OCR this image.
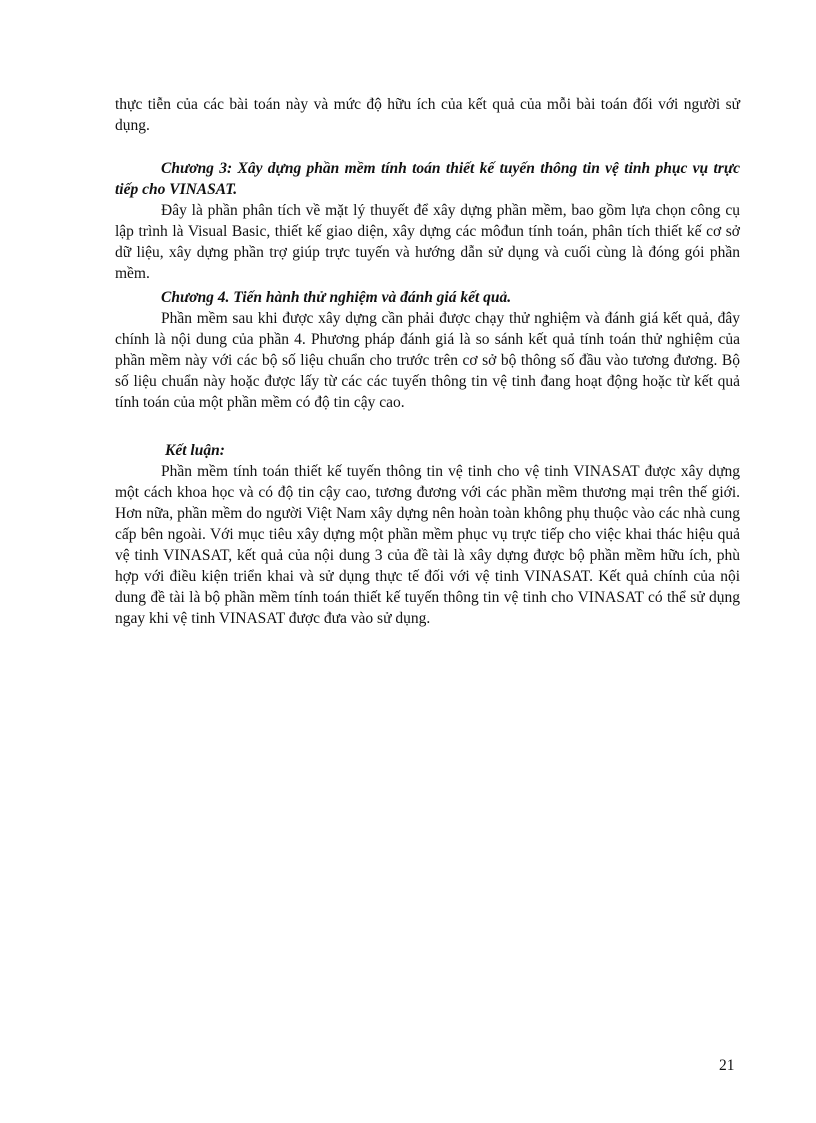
thực tiễn của các bài toán này và mức độ hữu ích của kết quả của mỗi bài toán đối với người sử dụng.

Chương 3: Xây dựng phần mềm tính toán thiết kế tuyến thông tin vệ tinh phục vụ trực tiếp cho VINASAT.

Đây là phần phân tích về mặt lý thuyết để xây dựng phần mềm, bao gồm lựa chọn công cụ lập trình là Visual Basic, thiết kế giao diện, xây dựng các môđun tính toán, phân tích thiết kế cơ sở dữ liệu, xây dựng phần trợ giúp trực tuyến và hướng dẫn sử dụng và cuối cùng là đóng gói phần mềm.

Chương 4. Tiến hành thử nghiệm và đánh giá kết quả.

Phần mềm sau khi được xây dựng cần phải được chạy thử nghiệm và đánh giá kết quả, đây chính là nội dung của phần 4. Phương pháp đánh giá là so sánh kết quả tính toán thử nghiệm của phần mềm này với các bộ số liệu chuẩn cho trước trên cơ sở bộ thông số đầu vào tương đương. Bộ số liệu chuẩn này hoặc được lấy từ các các tuyến thông tin vệ tinh đang hoạt động hoặc từ kết quả tính toán của một phần mềm có độ tin cậy cao.

Kết luận:

Phần mềm tính toán thiết kế tuyến thông tin vệ tinh cho vệ tinh VINASAT được xây dựng một cách khoa học và có độ tin cậy cao, tương đương với các phần mềm thương mại trên thế giới. Hơn nữa, phần mềm do người Việt Nam xây dựng nên hoàn toàn không phụ thuộc vào các nhà cung cấp bên ngoài. Với mục tiêu xây dựng một phần mềm phục vụ trực tiếp cho việc khai thác hiệu quả vệ tinh VINASAT, kết quả của nội dung 3 của đề tài là xây dựng được bộ phần mềm hữu ích, phù hợp với điều kiện triển khai và sử dụng thực tế đối với vệ tinh VINASAT. Kết quả chính của nội dung đề tài là bộ phần mềm tính toán thiết kế tuyến thông tin vệ tinh cho VINASAT có thể sử dụng ngay khi vệ tinh VINASAT được đưa vào sử dụng.

21
